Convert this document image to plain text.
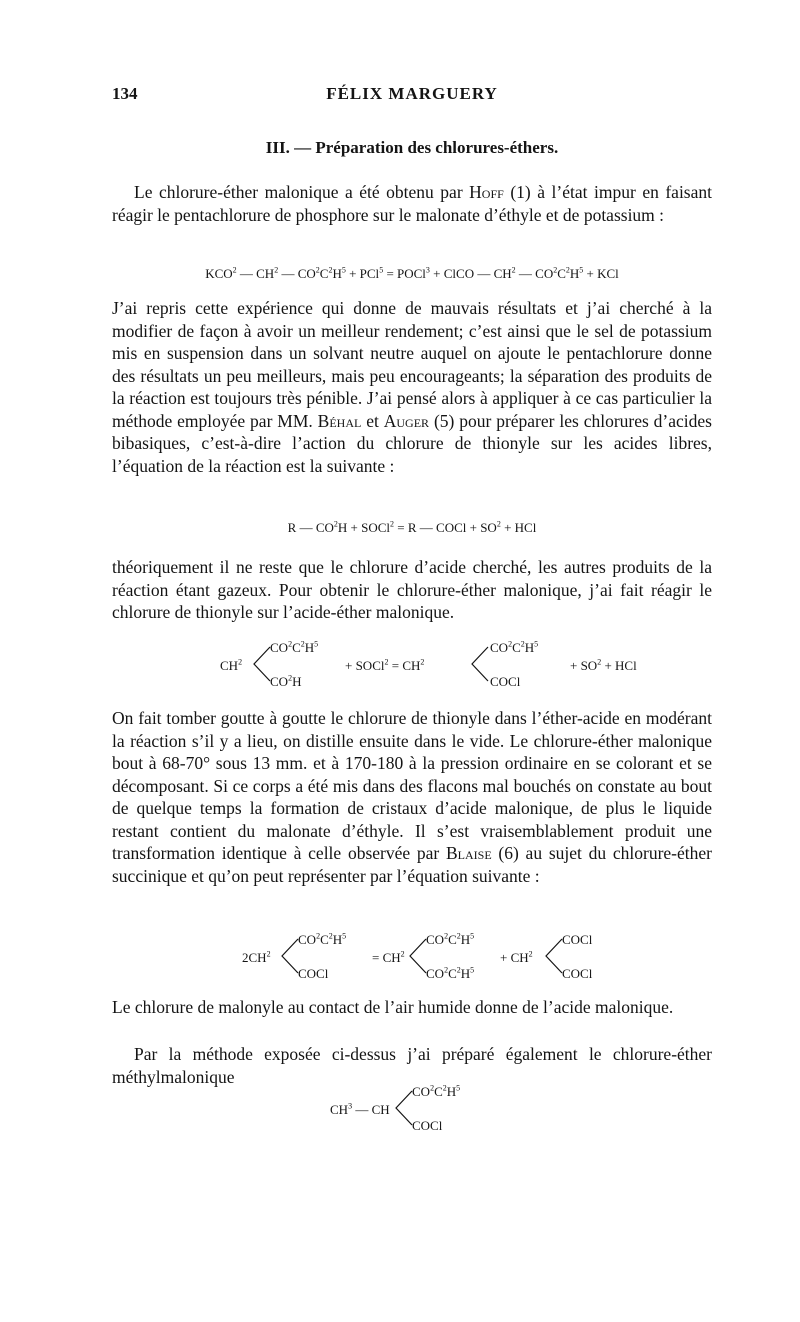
134	FÉLIX MARGUERY
III. — Préparation des chlorures-éthers.

Le chlorure-éther malonique a été obtenu par Hoff (1) à l’état impur en faisant réagir le pentachlorure de phosphore sur le malonate d’éthyle et de potassium :

KCO$^2$ — $CH^2$ — $CO^2C^2H^5 + PCl^5$ = POCl$^3$ + ClCO — $CH^2$ — $CO^2C^2H^5$ + KCl

J’ai repris cette expérience qui donne de mauvais résultats et j’ai cherché à la modifier de façon à avoir un meilleur rendement; c’est ainsi que le sel de potassium mis en suspension dans un solvant neutre auquel on ajoute le pentachlorure donne des résultats un peu meilleurs, mais peu encourageants; la séparation des produits de la réaction est toujours très pénible. J’ai pensé alors à appliquer à ce cas particulier la méthode employée par MM. Béhal et Auger (5) pour préparer les chlorures d’acides bibasiques, c’est-à-dire l’action du chlorure de thionyle sur les acides libres, l’équation de la réaction est la suivante :

R — $CO^2H$ + SOCl$^2$ = R — COCl + $SO^2$ + HCl

théoriquement il ne reste que le chlorure d’acide cherché, les autres produits de la réaction étant gazeux. Pour obtenir le chlorure-éther malonique, j’ai fait réagir le chlorure de thionyle sur l’acide-éther malonique.

$CH^2$
$CO^2C^2H^5$
$CO^2H$
+ SOCl$^2$ = $CH^2$
$CO^2C^2H^5$
COCl
+ $SO^2$ + HCl

On fait tomber goutte à goutte le chlorure de thionyle dans l’éther-acide en modérant la réaction s’il y a lieu, on distille ensuite dans le vide. Le chlorure-éther malonique bout à 68-70° sous 13 mm. et à 170-180 à la pression ordinaire en se colorant et se décomposant. Si ce corps a été mis dans des flacons mal bouchés on constate au bout de quelque temps la formation de cristaux d’acide malonique, de plus le liquide restant contient du malonate d’éthyle. Il s’est vraisemblablement produit une transformation identique à celle observée par Blaise (6) au sujet du chlorure-éther succinique et qu’on peut représenter par l’équation suivante :

$2CH^2$
$CO^2C^2H^5$
COCl
= $CH^2$
$CO^2C^2H^5$
$CO^2C^2H^5$
+ $CH^2$
COCl
COCl

Le chlorure de malonyle au contact de l’air humide donne de l’acide malonique.

Par la méthode exposée ci-dessus j’ai préparé également le chlorure-éther méthylmalonique

$CH^3$ — CH
$CO^2C^2H^5$
COCl
